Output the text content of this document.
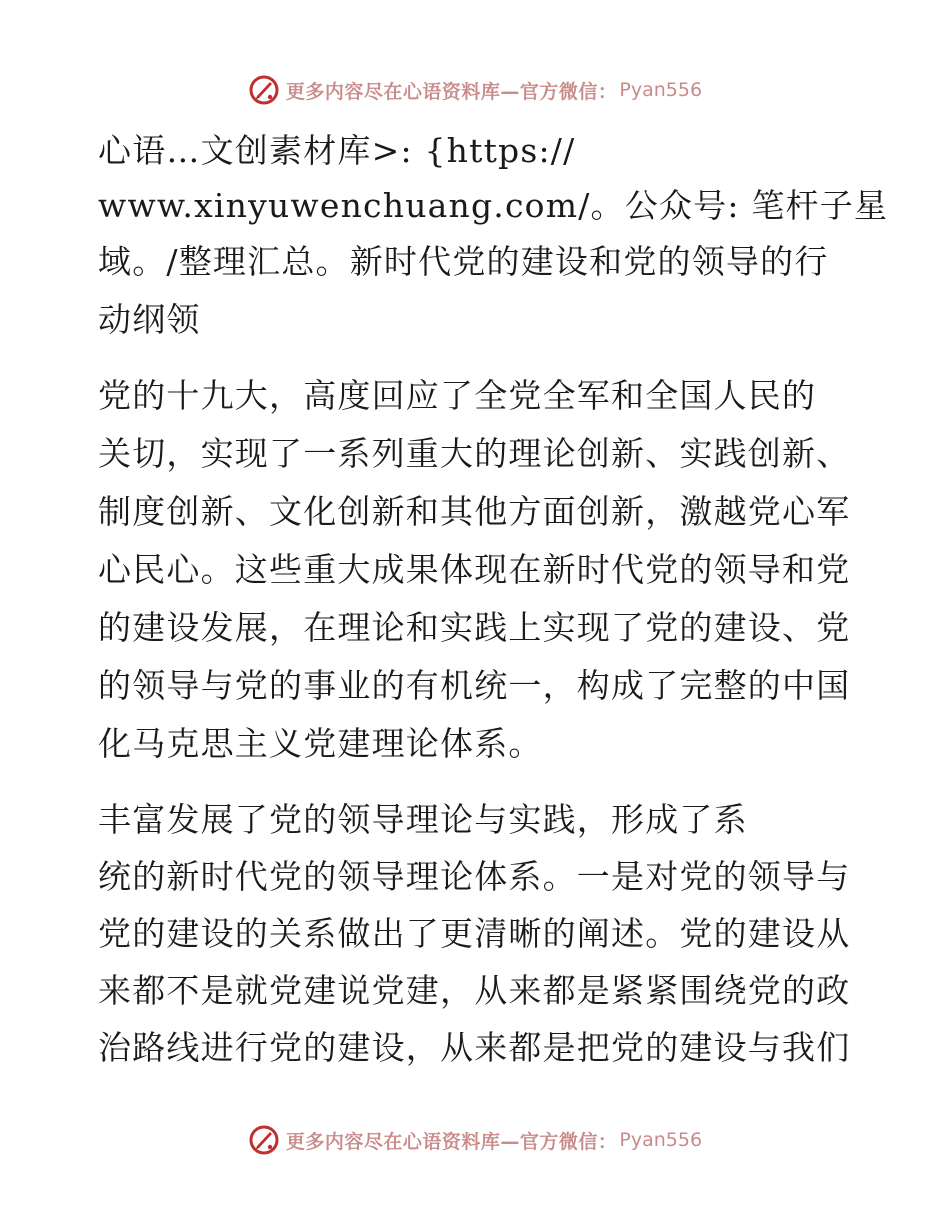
更多内容尽在心语资料库—官方微信： Pyan556
心语…文创素材库>: {https://
www.xinyuwenchuang.com/。公众号: 笔杆子星
域。/整理汇总。新时代党的建设和党的领导的行
动纲领
党的十九大，高度回应了全党全军和全国人民的
关切，实现了一系列重大的理论创新、实践创新、
制度创新、文化创新和其他方面创新，激越党心军
心民心。这些重大成果体现在新时代党的领导和党
的建设发展，在理论和实践上实现了党的建设、党
的领导与党的事业的有机统一，构成了完整的中国
化马克思主义党建理论体系。
丰富发展了党的领导理论与实践，形成了系
统的新时代党的领导理论体系。一是对党的领导与
党的建设的关系做出了更清晰的阐述。党的建设从
来都不是就党建说党建，从来都是紧紧围绕党的政
治路线进行党的建设，从来都是把党的建设与我们
更多内容尽在心语资料库—官方微信： Pyan556
